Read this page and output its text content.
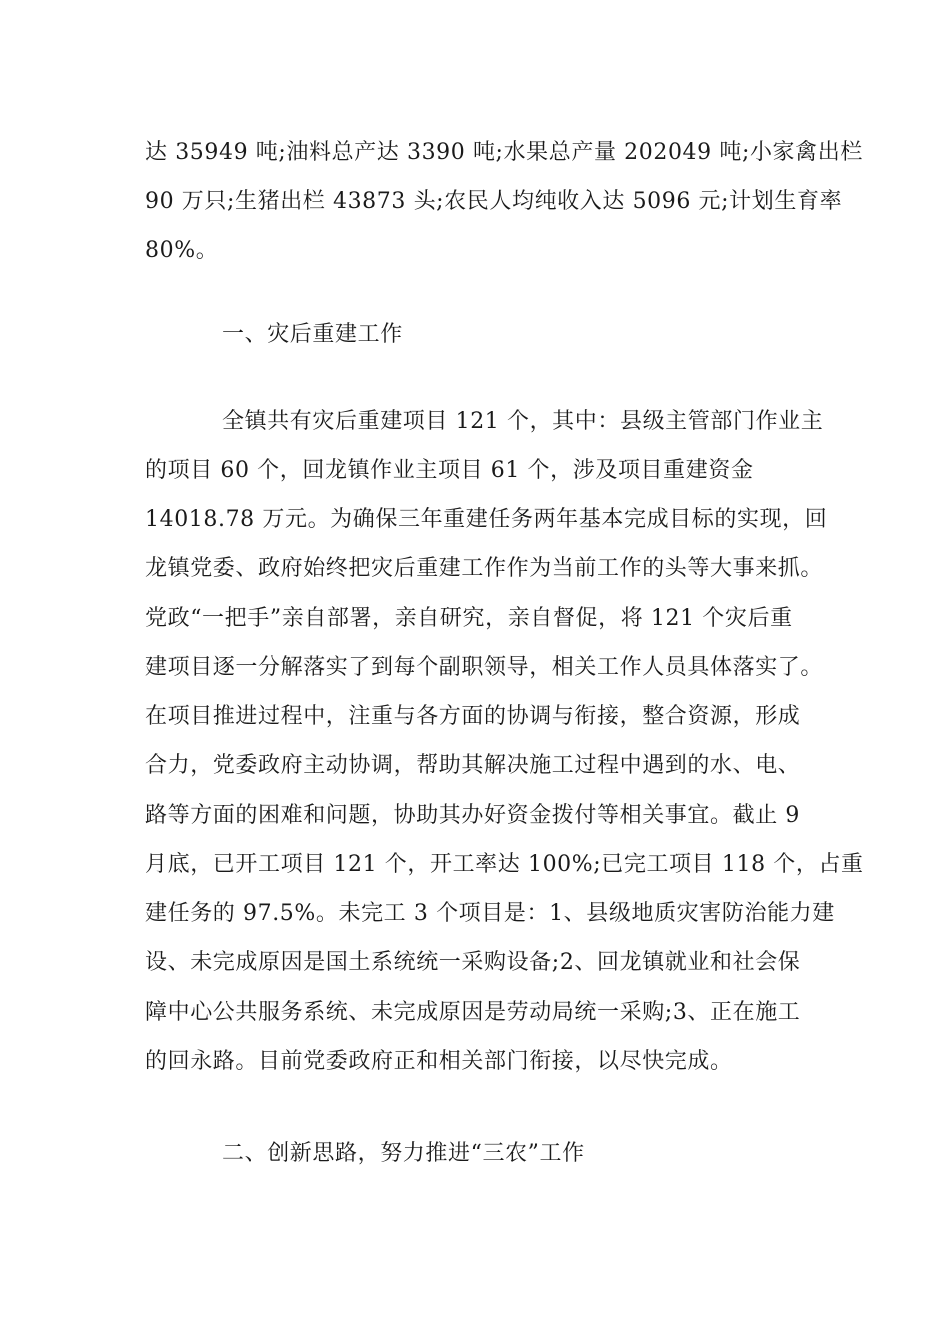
达 35949 吨;油料总产达 3390 吨;水果总产量 202049 吨;小家禽出栏
90 万只;生猪出栏 43873 头;农民人均纯收入达 5096 元;计划生育率
80%。
一、灾后重建工作
全镇共有灾后重建项目 121 个，其中：县级主管部门作业主
的项目 60 个，回龙镇作业主项目 61 个，涉及项目重建资金
14018.78 万元。为确保三年重建任务两年基本完成目标的实现，回
龙镇党委、政府始终把灾后重建工作作为当前工作的头等大事来抓。
党政“一把手”亲自部署，亲自研究，亲自督促，将 121 个灾后重
建项目逐一分解落实了到每个副职领导，相关工作人员具体落实了。
在项目推进过程中，注重与各方面的协调与衔接，整合资源，形成
合力，党委政府主动协调，帮助其解决施工过程中遇到的水、电、
路等方面的困难和问题，协助其办好资金拨付等相关事宜。截止 9
月底，已开工项目 121 个，开工率达 100%;已完工项目 118 个，占重
建任务的 97.5%。未完工 3 个项目是：1、县级地质灾害防治能力建
设、未完成原因是国土系统统一采购设备;2、回龙镇就业和社会保
障中心公共服务系统、未完成原因是劳动局统一采购;3、正在施工
的回永路。目前党委政府正和相关部门衔接，以尽快完成。
二、创新思路，努力推进“三农”工作
